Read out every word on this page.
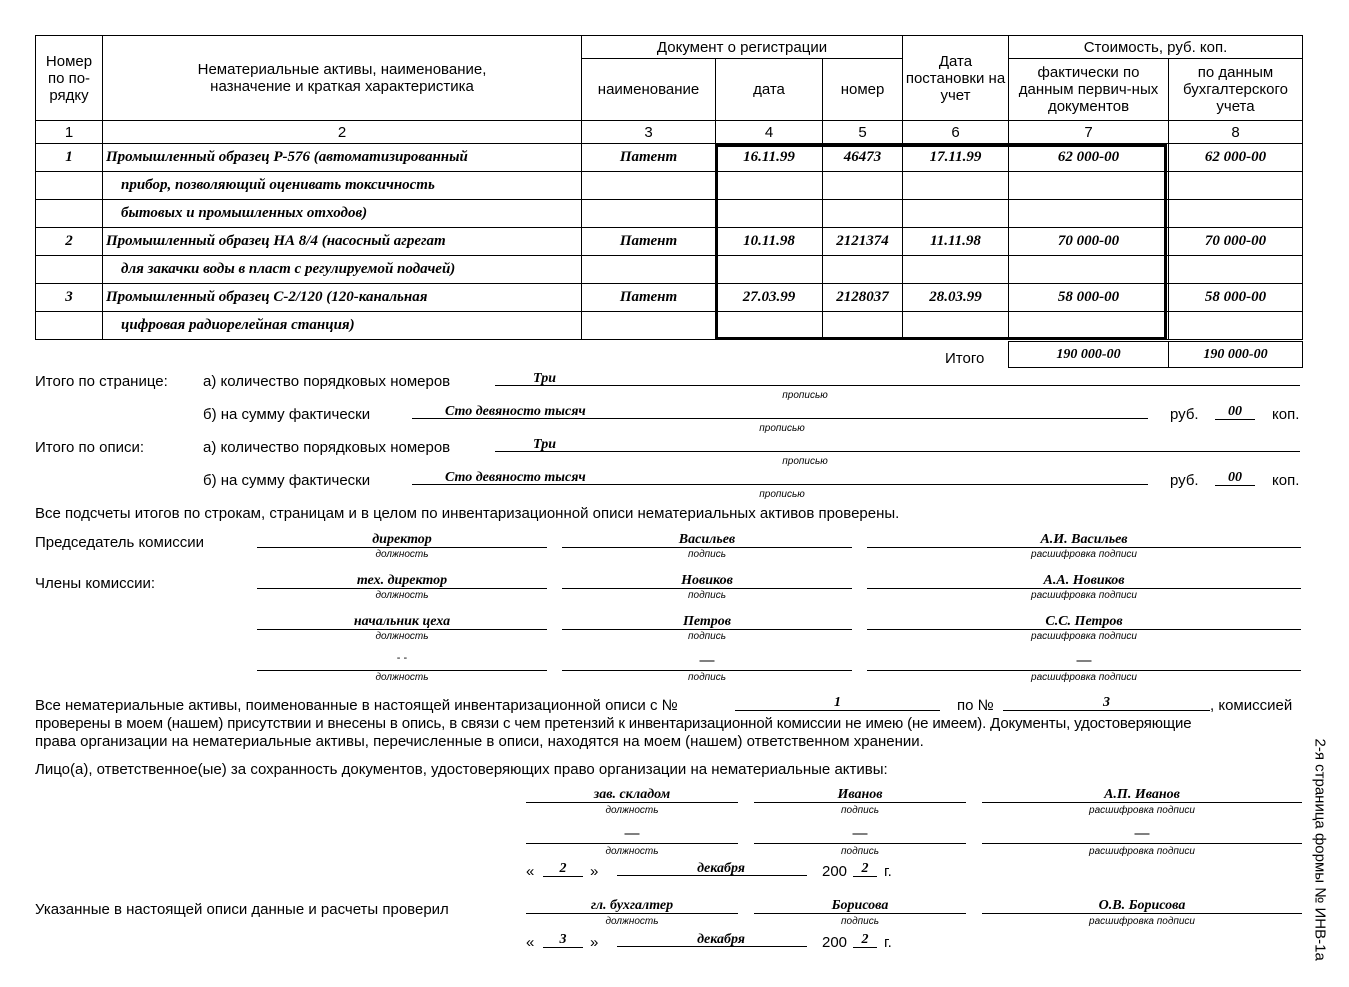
Номер по по-рядку	Нематериальные активы, наименование, назначение и краткая характеристика	Документ о регистрации			Дата постановки на учет	Стоимость, руб. коп.	
		наименование	дата	номер		фактически по данным первич-ных документов	по данным бухгалтерского учета
1	2	3	4	5	6	7	8
1	Промышленный образец Р-576 (автоматизированный	Патент	16.11.99	46473	17.11.99	62 000-00	62 000-00
	прибор, позволяющий оценивать токсичность						
	бытовых и промышленных отходов)						
2	Промышленный образец НА 8/4 (насосный агрегат	Патент	10.11.98	2121374	11.11.98	70 000-00	70 000-00
	для закачки воды в пласт с регулируемой подачей)						
3	Промышленный образец С-2/120 (120-канальная	Патент	27.03.99	2128037	28.03.99	58 000-00	58 000-00
	цифровая радиорелейная станция)						
Итого	190 000-00	190 000-00
Итого по странице: а) количество порядковых номеров	Три
прописью
б) на сумму фактически	Сто девяносто тысяч	руб.	00	коп.
прописью
Итого по описи:	а) количество порядковых номеров	Три
прописью
б) на сумму фактически	Сто девяносто тысяч	руб.	00	коп.
прописью
Все подсчеты итогов по строкам, страницам и в целом по инвентаризационной описи нематериальных активов проверены.
Председатель комиссии	директор	Васильев	А.И. Васильев
должность	подпись	расшифровка подписи
Члены комиссии:	тех. директор	Новиков	А.А. Новиков
должность	подпись	расшифровка подписи
начальник цеха	Петров	С.С. Петров
должность	подпись	расшифровка подписи
- -	—	—
должность	подпись	расшифровка подписи
Все нематериальные активы, поименованные в настоящей инвентаризационной описи с №	1	по №	3	, комиссией
проверены в моем (нашем) присутствии и внесены в опись, в связи с чем претензий к инвентаризационной комиссии не имею (не имеем). Документы, удостоверяющие
права организации на нематериальные активы, перечисленные в описи, находятся на моем (нашем) ответственном хранении.
Лицо(а), ответственное(ые) за сохранность документов, удостоверяющих право организации на нематериальные активы:
зав. складом	Иванов	А.П. Иванов
должность	подпись	расшифровка подписи
—	—	—
должность	подпись	расшифровка подписи
«	2	»	декабря	200	2	г.
Указанные в настоящей описи данные и расчеты проверил	гл. бухгалтер	Борисова	О.В. Борисова
должность	подпись	расшифровка подписи
«	3	»	декабря	200	2	г.	2-я страница формы № ИНВ-1а
